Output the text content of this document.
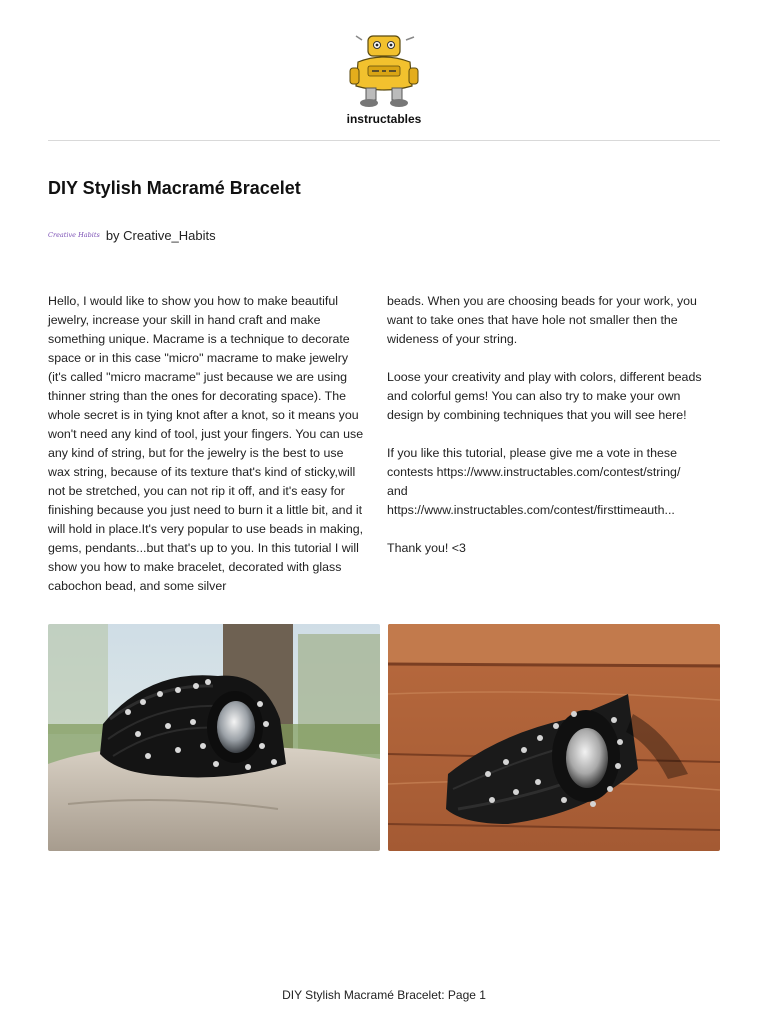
instructables
DIY Stylish Macramé Bracelet
Creative Habits by Creative_Habits

Hello, I would like to show you how to make beautiful jewelry, increase your skill in hand craft and make something unique. Macrame is a technique to decorate space or in this case "micro" macrame to make jewelry (it's called "micro macrame" just because we are using thinner string than the ones for decorating space). The whole secret is in tying knot after a knot, so it means you won't need any kind of tool, just your fingers. You can use any kind of string, but for the jewelry is the best to use wax string, because of its texture that's kind of sticky,will not be stretched, you can not rip it off, and it's easy for finishing because you just need to burn it a little bit, and it will hold in place.It's very popular to use beads in making, gems, pendants...but that's up to you. In this tutorial I will show you how to make bracelet, decorated with glass cabochon bead, and some silver

beads. When you are choosing beads for your work, you want to take ones that have hole not smaller then the wideness of your string.

Loose your creativity and play with colors, different beads and colorful gems! You can also try to make your own design by combining techniques that you will see here!

If you like this tutorial, please give me a vote in these contests https://www.instructables.com/contest/string/
and
https://www.instructables.com/contest/firsttimeauth...

Thank you! <3

DIY Stylish Macramé Bracelet: Page 1
